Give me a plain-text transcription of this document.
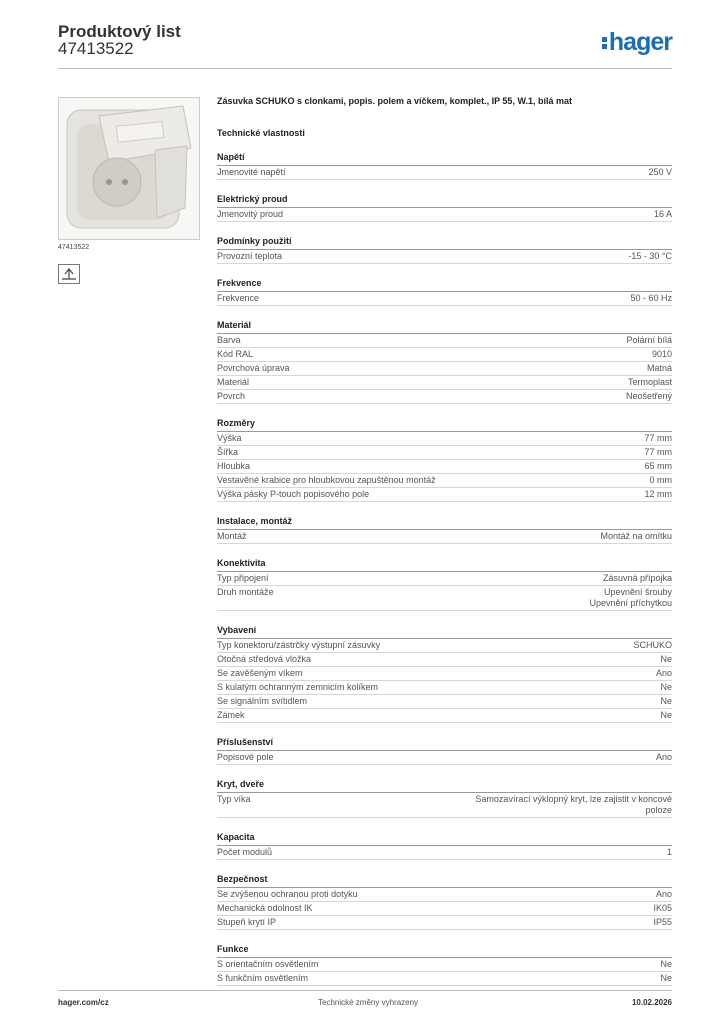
Produktový list
47413522	hager
47413522

Zásuvka SCHUKO s clonkami, popis. polem a víčkem, komplet., IP 55, W.1, bílá mat

Technické vlastnosti
Napětí
Jmenovité napětí	250 V
Elektrický proud
Jmenovitý proud	16 A
Podmínky použití
Provozní teplota	-15 - 30 °C
Frekvence
Frekvence	50 - 60 Hz
Materiál
Barva	Polární bílá
Kód RAL	9010
Povrchová úprava	Matná
Materiál	Termoplast
Povrch	Neošetřený
Rozměry
Výška	77 mm
Šířka	77 mm
Hloubka	65 mm
Vestavěné krabice pro hloubkovou zapuštěnou montáž	0 mm
Výška pásky P-touch popisového pole	12 mm
Instalace, montáž
Montáž	Montáž na omítku
Konektivita
Typ připojení	Zásuvná přípojka
Druh montáže	Upevnění šrouby
Upevnění příchytkou
Vybavení
Typ konektoru/zástrčky výstupní zásuvky	SCHUKO
Otočná středová vložka	Ne
Se zavěšeným víkem	Ano
S kulatým ochranným zemnicím kolíkem	Ne
Se signálním svítidlem	Ne
Zámek	Ne
Příslušenství
Popisové pole	Ano
Kryt, dveře
Typ víka	Samozavírací výklopný kryt, lze zajistit v koncové poloze
Kapacita
Počet modulů	1
Bezpečnost
Se zvýšenou ochranou proti dotyku	Ano
Mechanická odolnost IK	IK05
Stupeň krytí IP	IP55
Funkce
S orientačním osvětlením	Ne
S funkčním osvětlením	Ne
hager.com/cz	Technické změny vyhrazeny	10.02.2026
